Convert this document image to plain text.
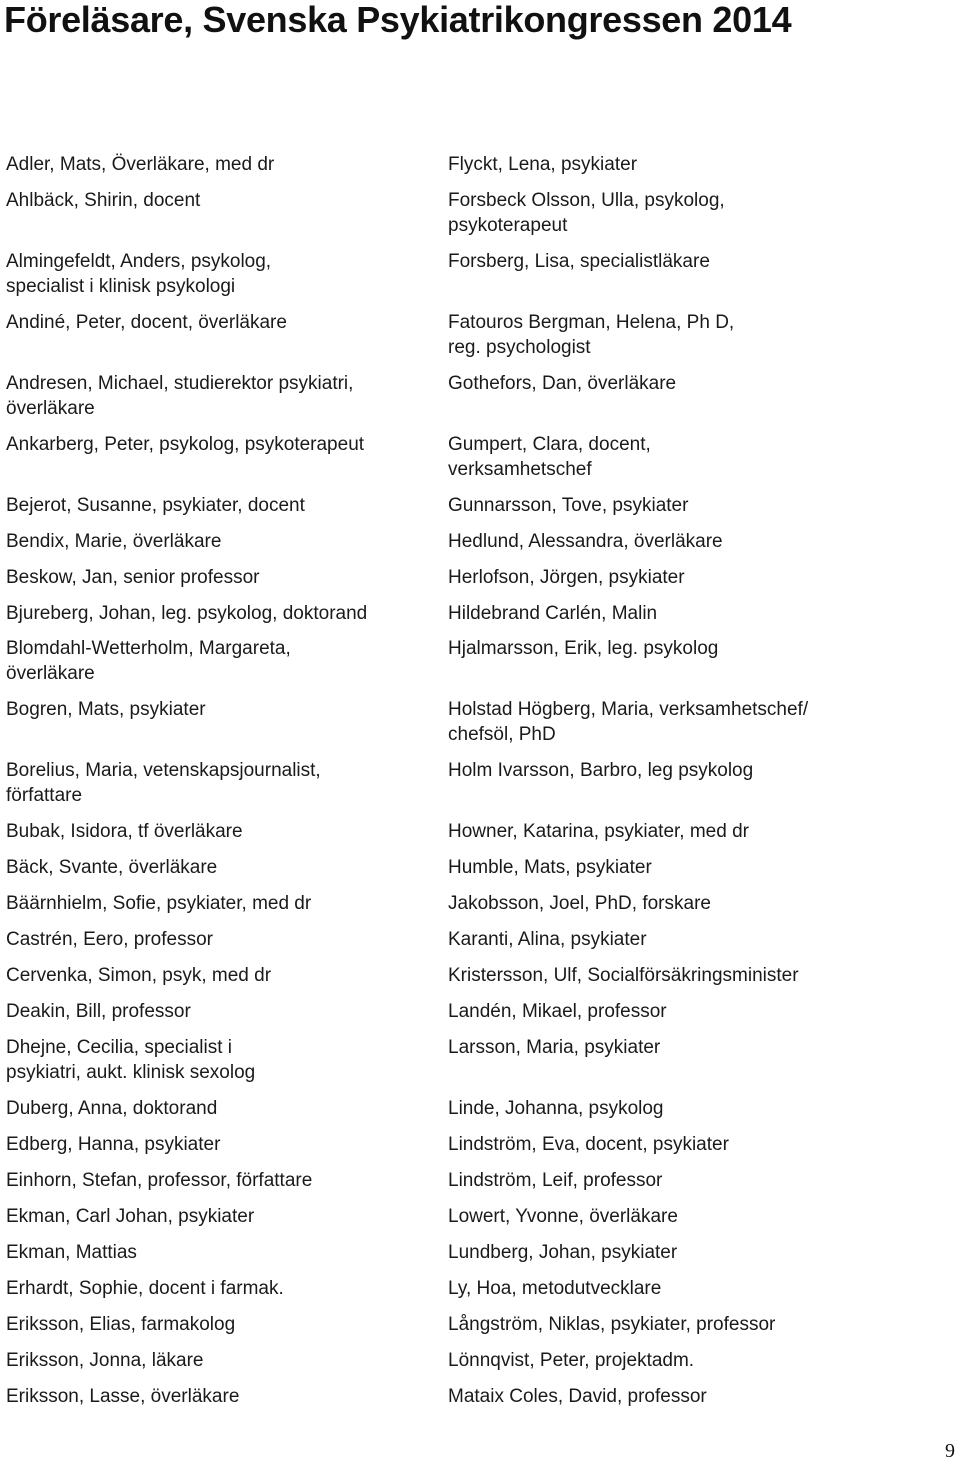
Föreläsare, Svenska Psykiatrikongressen 2014
Adler, Mats, Överläkare, med dr
Ahlbäck, Shirin, docent
Almingefeldt, Anders, psykolog,
specialist i klinisk psykologi
Andiné, Peter, docent, överläkare
Andresen, Michael, studierektor psykiatri,
överläkare
Ankarberg, Peter, psykolog, psykoterapeut
Bejerot, Susanne, psykiater, docent
Bendix, Marie, överläkare
Beskow, Jan, senior professor
Bjureberg, Johan, leg. psykolog, doktorand
Blomdahl-Wetterholm, Margareta,
överläkare
Bogren, Mats, psykiater
Borelius, Maria, vetenskapsjournalist,
författare
Bubak, Isidora, tf överläkare
Bäck, Svante, överläkare
Bäärnhielm, Sofie, psykiater, med dr
Castrén, Eero, professor
Cervenka, Simon, psyk, med dr
Deakin, Bill, professor
Dhejne, Cecilia, specialist i
psykiatri, aukt. klinisk sexolog
Duberg, Anna, doktorand
Edberg, Hanna, psykiater
Einhorn, Stefan, professor, författare
Ekman, Carl Johan, psykiater
Ekman, Mattias
Erhardt, Sophie, docent i farmak.
Eriksson, Elias, farmakolog
Eriksson, Jonna, läkare
Eriksson, Lasse, överläkare
Flyckt, Lena, psykiater
Forsbeck Olsson, Ulla, psykolog,
psykoterapeut
Forsberg, Lisa, specialistläkare
Fatouros Bergman, Helena, Ph D,
reg. psychologist
Gothefors, Dan, överläkare
Gumpert, Clara, docent,
verksamhetschef
Gunnarsson, Tove, psykiater
Hedlund, Alessandra, överläkare
Herlofson, Jörgen, psykiater
Hildebrand Carlén, Malin
Hjalmarsson, Erik, leg. psykolog
Holstad Högberg, Maria, verksamhetschef/
chefsöl, PhD
Holm Ivarsson, Barbro, leg psykolog
Howner, Katarina, psykiater, med dr
Humble, Mats, psykiater
Jakobsson, Joel, PhD, forskare
Karanti, Alina, psykiater
Kristersson, Ulf, Socialförsäkringsminister
Landén, Mikael, professor
Larsson, Maria, psykiater
Linde, Johanna, psykolog
Lindström, Eva, docent, psykiater
Lindström, Leif, professor
Lowert, Yvonne, överläkare
Lundberg, Johan, psykiater
Ly, Hoa, metodutvecklare
Långström, Niklas, psykiater, professor
Lönnqvist, Peter, projektadm.
Mataix Coles, David, professor
9
